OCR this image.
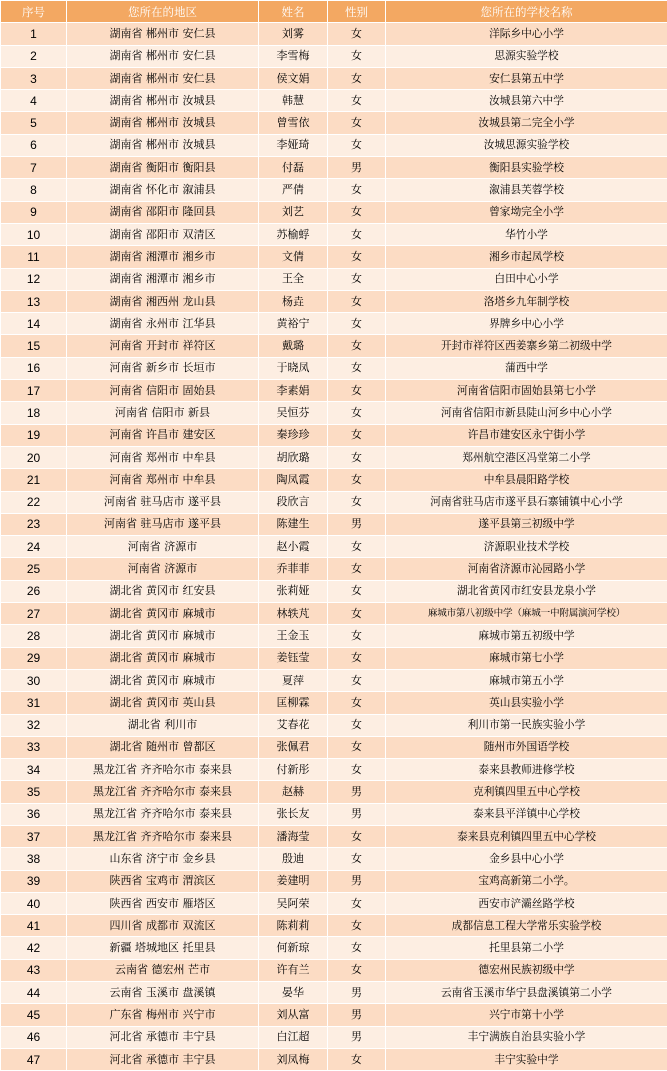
序号	您所在的地区	姓名	性别	您所在的学校名称
1	湖南省 郴州市 安仁县	刘雾	女	洋际乡中心小学
2	湖南省 郴州市 安仁县	李雪梅	女	思源实验学校
3	湖南省 郴州市 安仁县	侯文娟	女	安仁县第五中学
4	湖南省 郴州市 汝城县	韩慧	女	汝城县第六中学
5	湖南省 郴州市 汝城县	曾雪依	女	汝城县第二完全小学
6	湖南省 郴州市 汝城县	李娅琦	女	汝城思源实验学校
7	湖南省 衡阳市 衡阳县	付磊	男	衡阳县实验学校
8	湖南省 怀化市 溆浦县	严倩	女	溆浦县芙蓉学校
9	湖南省 邵阳市 隆回县	刘艺	女	曾家坳完全小学
10	湖南省 邵阳市 双清区	苏榆蜉	女	华竹小学
11	湖南省 湘潭市 湘乡市	文倩	女	湘乡市起凤学校
12	湖南省 湘潭市 湘乡市	王全	女	白田中心小学
13	湖南省 湘西州 龙山县	杨垚	女	洛塔乡九年制学校
14	湖南省 永州市 江华县	黄裕宁	女	界牌乡中心小学
15	河南省 开封市 祥符区	戴璐	女	开封市祥符区西姜寨乡第二初级中学
16	河南省 新乡市 长垣市	于晓凤	女	蒲西中学
17	河南省 信阳市 固始县	李素娟	女	河南省信阳市固始县第七小学
18	河南省 信阳市 新县	吴恒芬	女	河南省信阳市新县陡山河乡中心小学
19	河南省 许昌市 建安区	秦珍珍	女	许昌市建安区永宁街小学
20	河南省 郑州市 中牟县	胡欣璐	女	郑州航空港区冯堂第二小学
21	河南省 郑州市 中牟县	陶凤霞	女	中牟县晨阳路学校
22	河南省 驻马店市 遂平县	段欣言	女	河南省驻马店市遂平县石寨铺镇中心小学
23	河南省 驻马店市 遂平县	陈建生	男	遂平县第三初级中学
24	河南省 济源市	赵小霞	女	济源职业技术学校
25	河南省 济源市	乔菲菲	女	河南省济源市沁园路小学
26	湖北省 黄冈市 红安县	张莉娅	女	湖北省黄冈市红安县龙泉小学
27	湖北省 黄冈市 麻城市	林轶芃	女	麻城市第八初级中学（麻城一中附属演河学校）
28	湖北省 黄冈市 麻城市	王金玉	女	麻城市第五初级中学
29	湖北省 黄冈市 麻城市	姜钰莹	女	麻城市第七小学
30	湖北省 黄冈市 麻城市	夏萍	女	麻城市第五小学
31	湖北省 黄冈市 英山县	匡柳霖	女	英山县实验小学
32	湖北省 利川市	艾春花	女	利川市第一民族实验小学
33	湖北省 随州市 曾都区	张佩君	女	随州市外国语学校
34	黑龙江省 齐齐哈尔市 泰来县	付新彤	女	泰来县教师进修学校
35	黑龙江省 齐齐哈尔市 泰来县	赵赫	男	克利镇四里五中心学校
36	黑龙江省 齐齐哈尔市 泰来县	张长友	男	泰来县平洋镇中心学校
37	黑龙江省 齐齐哈尔市 泰来县	潘海莹	女	泰来县克利镇四里五中心学校
38	山东省 济宁市 金乡县	殷迪	女	金乡县中心小学
39	陕西省 宝鸡市 渭滨区	姜建明	男	宝鸡高新第二小学。
40	陕西省 西安市 雁塔区	吴阿荣	女	西安市浐灞丝路学校
41	四川省 成都市 双流区	陈莉莉	女	成都信息工程大学常乐实验学校
42	新疆 塔城地区 托里县	何新琼	女	托里县第二小学
43	云南省 德宏州 芒市	许有兰	女	德宏州民族初级中学
44	云南省 玉溪市 盘溪镇	晏华	男	云南省玉溪市华宁县盘溪镇第二小学
45	广东省 梅州市 兴宁市	刘从富	男	兴宁市第十小学
46	河北省 承德市 丰宁县	白江超	男	丰宁满族自治县实验小学
47	河北省 承德市 丰宁县	刘凤梅	女	丰宁实验中学
